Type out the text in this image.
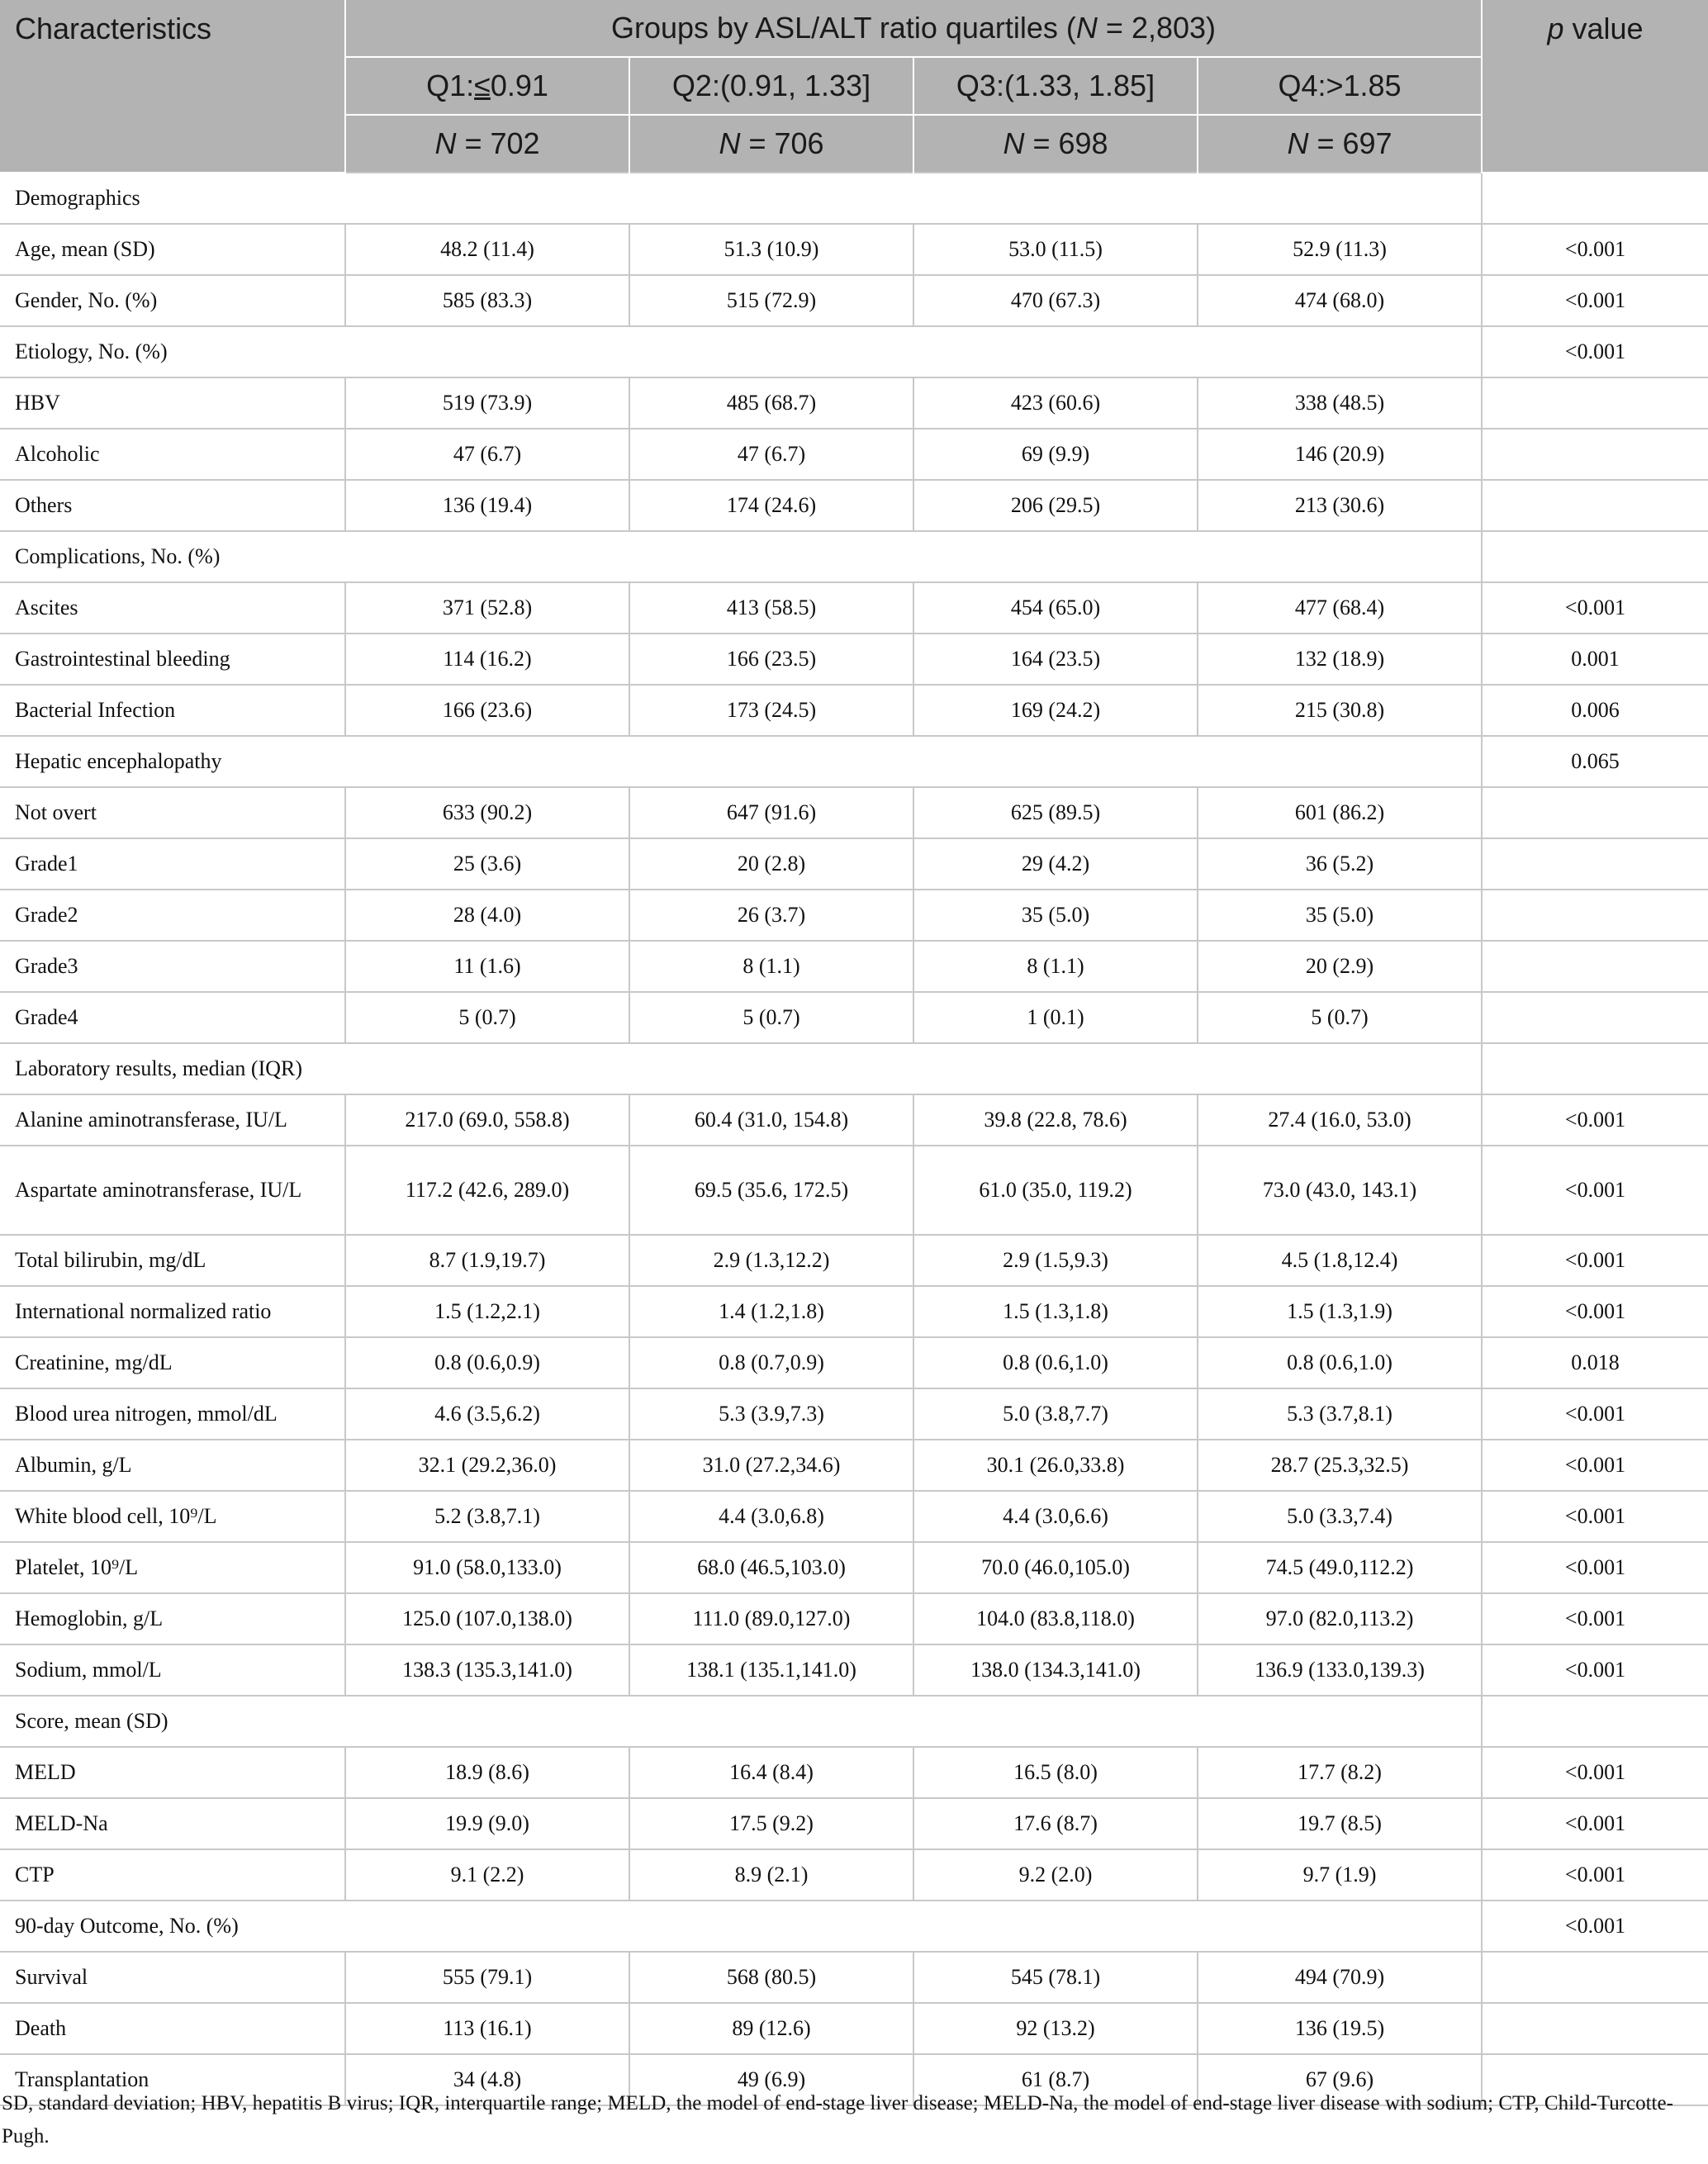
Characteristics	Groups by ASL/ALT ratio quartiles (N = 2,803)				p value
	Q1:≤0.91	Q2:(0.91, 1.33]	Q3:(1.33, 1.85]	Q4:>1.85	
	N = 702	N = 706	N = 698	N = 697	
Demographics					
Age, mean (SD)	48.2 (11.4)	51.3 (10.9)	53.0 (11.5)	52.9 (11.3)	<0.001
Gender, No. (%)	585 (83.3)	515 (72.9)	470 (67.3)	474 (68.0)	<0.001
Etiology, No. (%)					<0.001
HBV	519 (73.9)	485 (68.7)	423 (60.6)	338 (48.5)	
Alcoholic	47 (6.7)	47 (6.7)	69 (9.9)	146 (20.9)	
Others	136 (19.4)	174 (24.6)	206 (29.5)	213 (30.6)	
Complications, No. (%)					
Ascites	371 (52.8)	413 (58.5)	454 (65.0)	477 (68.4)	<0.001
Gastrointestinal bleeding	114 (16.2)	166 (23.5)	164 (23.5)	132 (18.9)	0.001
Bacterial Infection	166 (23.6)	173 (24.5)	169 (24.2)	215 (30.8)	0.006
Hepatic encephalopathy					0.065
Not overt	633 (90.2)	647 (91.6)	625 (89.5)	601 (86.2)	
Grade1	25 (3.6)	20 (2.8)	29 (4.2)	36 (5.2)	
Grade2	28 (4.0)	26 (3.7)	35 (5.0)	35 (5.0)	
Grade3	11 (1.6)	8 (1.1)	8 (1.1)	20 (2.9)	
Grade4	5 (0.7)	5 (0.7)	1 (0.1)	5 (0.7)	
Laboratory results, median (IQR)					
Alanine aminotransferase, IU/L	217.0 (69.0, 558.8)	60.4 (31.0, 154.8)	39.8 (22.8, 78.6)	27.4 (16.0, 53.0)	<0.001
Aspartate aminotransferase, IU/L	117.2 (42.6, 289.0)	69.5 (35.6, 172.5)	61.0 (35.0, 119.2)	73.0 (43.0, 143.1)	<0.001
Total bilirubin, mg/dL	8.7 (1.9,19.7)	2.9 (1.3,12.2)	2.9 (1.5,9.3)	4.5 (1.8,12.4)	<0.001
International normalized ratio	1.5 (1.2,2.1)	1.4 (1.2,1.8)	1.5 (1.3,1.8)	1.5 (1.3,1.9)	<0.001
Creatinine, mg/dL	0.8 (0.6,0.9)	0.8 (0.7,0.9)	0.8 (0.6,1.0)	0.8 (0.6,1.0)	0.018
Blood urea nitrogen, mmol/dL	4.6 (3.5,6.2)	5.3 (3.9,7.3)	5.0 (3.8,7.7)	5.3 (3.7,8.1)	<0.001
Albumin, g/L	32.1 (29.2,36.0)	31.0 (27.2,34.6)	30.1 (26.0,33.8)	28.7 (25.3,32.5)	<0.001
White blood cell, 10⁹/L	5.2 (3.8,7.1)	4.4 (3.0,6.8)	4.4 (3.0,6.6)	5.0 (3.3,7.4)	<0.001
Platelet, 10⁹/L	91.0 (58.0,133.0)	68.0 (46.5,103.0)	70.0 (46.0,105.0)	74.5 (49.0,112.2)	<0.001
Hemoglobin, g/L	125.0 (107.0,138.0)	111.0 (89.0,127.0)	104.0 (83.8,118.0)	97.0 (82.0,113.2)	<0.001
Sodium, mmol/L	138.3 (135.3,141.0)	138.1 (135.1,141.0)	138.0 (134.3,141.0)	136.9 (133.0,139.3)	<0.001
Score, mean (SD)					
MELD	18.9 (8.6)	16.4 (8.4)	16.5 (8.0)	17.7 (8.2)	<0.001
MELD-Na	19.9 (9.0)	17.5 (9.2)	17.6 (8.7)	19.7 (8.5)	<0.001
CTP	9.1 (2.2)	8.9 (2.1)	9.2 (2.0)	9.7 (1.9)	<0.001
90-day Outcome, No. (%)					<0.001
Survival	555 (79.1)	568 (80.5)	545 (78.1)	494 (70.9)	
Death	113 (16.1)	89 (12.6)	92 (13.2)	136 (19.5)	
Transplantation	34 (4.8)	49 (6.9)	61 (8.7)	67 (9.6)	
SD, standard deviation; HBV, hepatitis B virus; IQR, interquartile range; MELD, the model of end-stage liver disease; MELD-Na, the model of end-stage liver disease with sodium; CTP, Child-Turcotte-Pugh.
